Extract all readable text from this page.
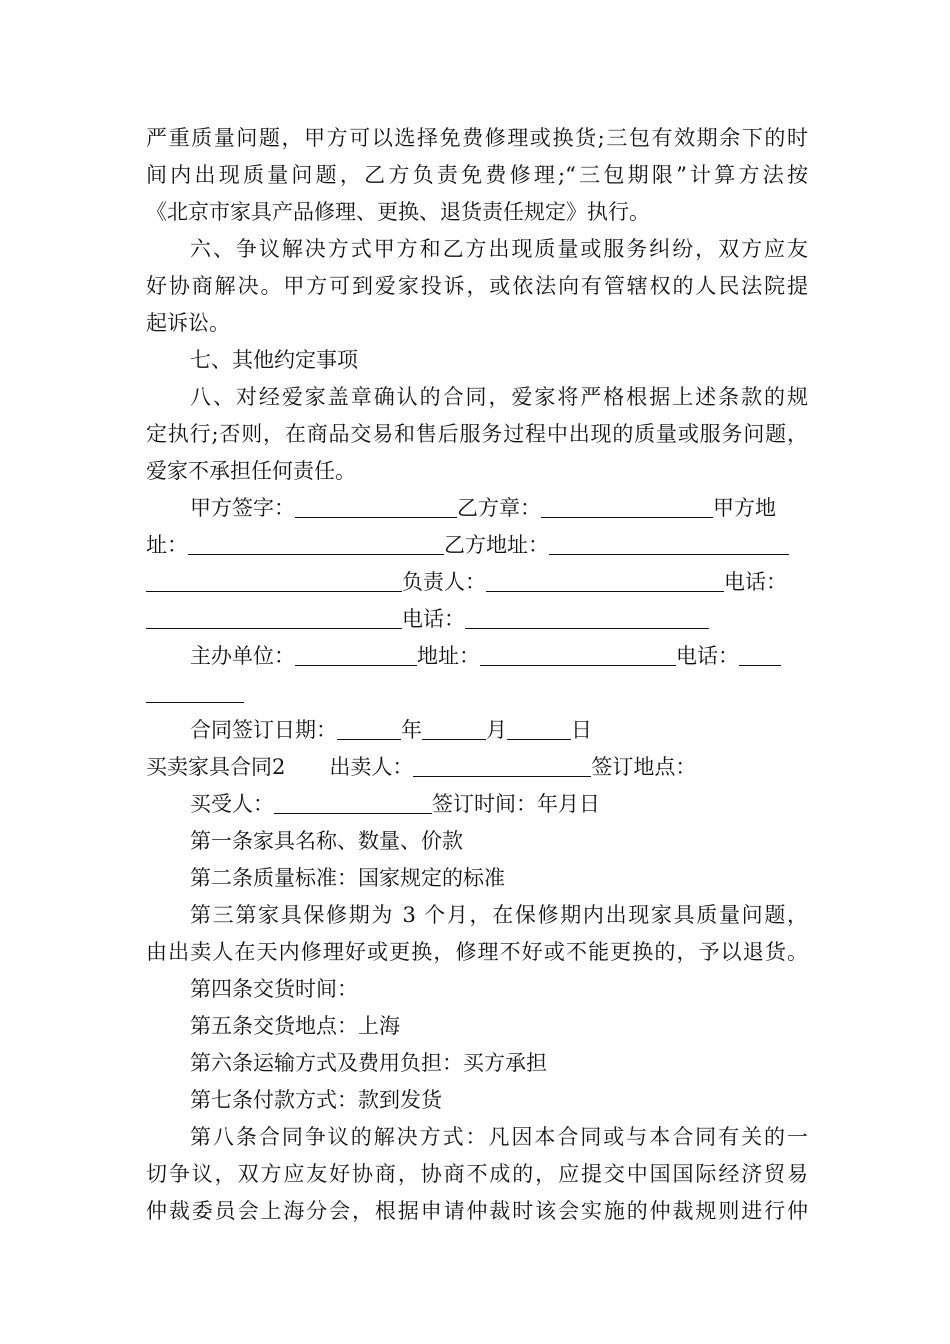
严重质量问题，甲方可以选择免费修理或换货;三包有效期余下的时
间内出现质量问题，乙方负责免费修理;“三包期限”计算方法按
《北京市家具产品修理、更换、退货责任规定》执行。
六、争议解决方式甲方和乙方出现质量或服务纠纷，双方应友
好协商解决。甲方可到爱家投诉，或依法向有管辖权的人民法院提
起诉讼。
七、其他约定事项
八、对经爱家盖章确认的合同，爱家将严格根据上述条款的规
定执行;否则，在商品交易和售后服务过程中出现的质量或服务问题，
爱家不承担任何责任。
甲方签字：	乙方章：	甲方地
址：	乙方地址：
负责人：	电话：
电话：
主办单位：	地址：	电话：
合同签订日期：	年	月	日
买卖家具合同2 出卖人：	签订地点：
买受人：	签订时间：年月日
第一条家具名称、数量、价款
第二条质量标准：国家规定的标准
第三第家具保修期为 3 个月，在保修期内出现家具质量问题，
由出卖人在天内修理好或更换，修理不好或不能更换的，予以退货。
第四条交货时间：
第五条交货地点：上海
第六条运输方式及费用负担：买方承担
第七条付款方式：款到发货
第八条合同争议的解决方式：凡因本合同或与本合同有关的一
切争议，双方应友好协商，协商不成的，应提交中国国际经济贸易
仲裁委员会上海分会，根据申请仲裁时该会实施的仲裁规则进行仲
